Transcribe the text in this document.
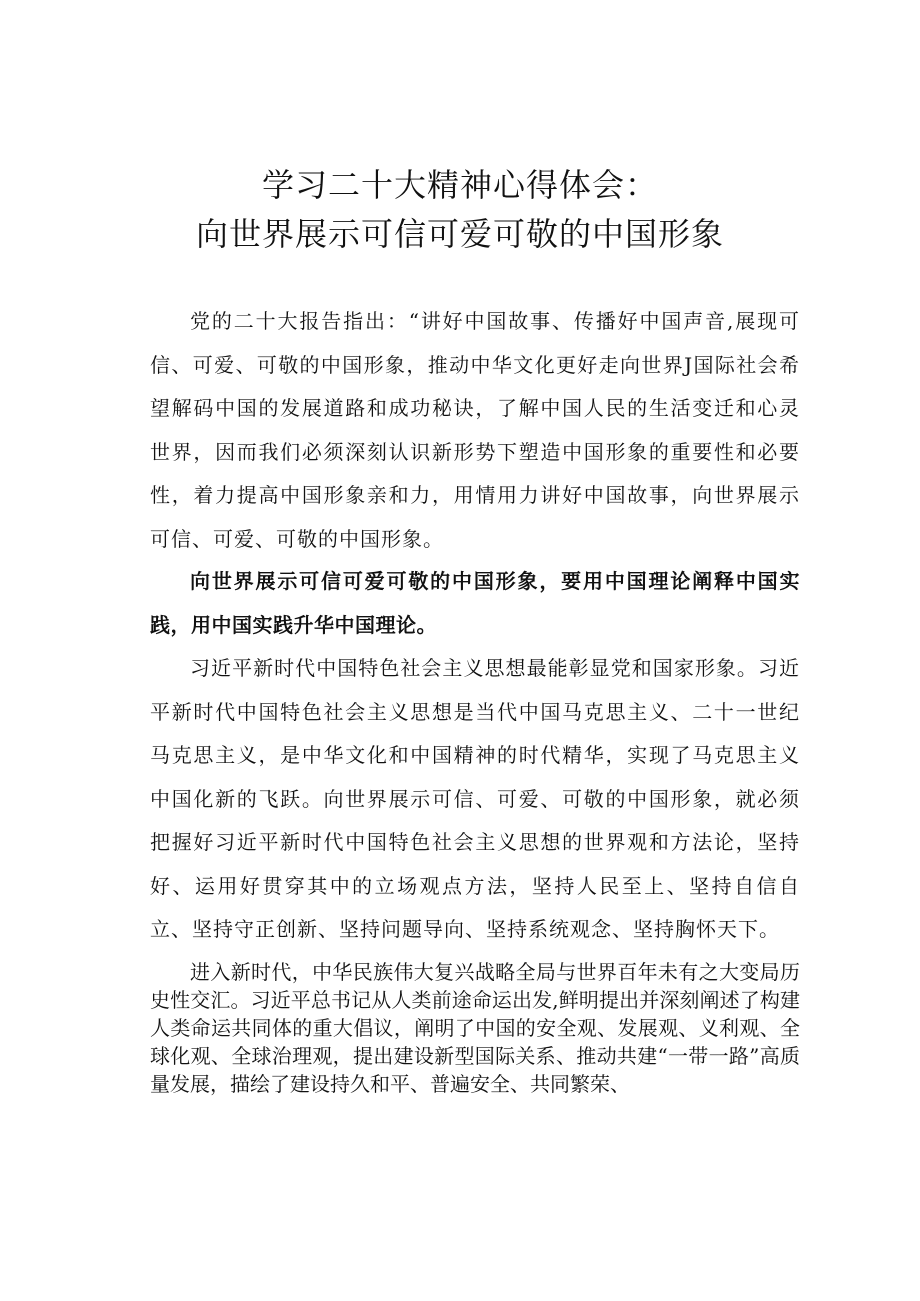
学习二十大精神心得体会：
向世界展示可信可爱可敬的中国形象

党的二十大报告指出：“讲好中国故事、传播好中国声音,展现可信、可爱、可敬的中国形象，推动中华文化更好走向世界J国际社会希望解码中国的发展道路和成功秘诀，了解中国人民的生活变迁和心灵世界，因而我们必须深刻认识新形势下塑造中国形象的重要性和必要性，着力提高中国形象亲和力，用情用力讲好中国故事，向世界展示可信、可爱、可敬的中国形象。

向世界展示可信可爱可敬的中国形象，要用中国理论阐释中国实践，用中国实践升华中国理论。

习近平新时代中国特色社会主义思想最能彰显党和国家形象。习近平新时代中国特色社会主义思想是当代中国马克思主义、二十一世纪马克思主义，是中华文化和中国精神的时代精华，实现了马克思主义中国化新的飞跃。向世界展示可信、可爱、可敬的中国形象，就必须把握好习近平新时代中国特色社会主义思想的世界观和方法论，坚持好、运用好贯穿其中的立场观点方法，坚持人民至上、坚持自信自立、坚持守正创新、坚持问题导向、坚持系统观念、坚持胸怀天下。

进入新时代，中华民族伟大复兴战略全局与世界百年未有之大变局历史性交汇。习近平总书记从人类前途命运出发,鲜明提出并深刻阐述了构建人类命运共同体的重大倡议，阐明了中国的安全观、发展观、义利观、全球化观、全球治理观，提出建设新型国际关系、推动共建“一带一路”高质量发展，描绘了建设持久和平、普遍安全、共同繁荣、
